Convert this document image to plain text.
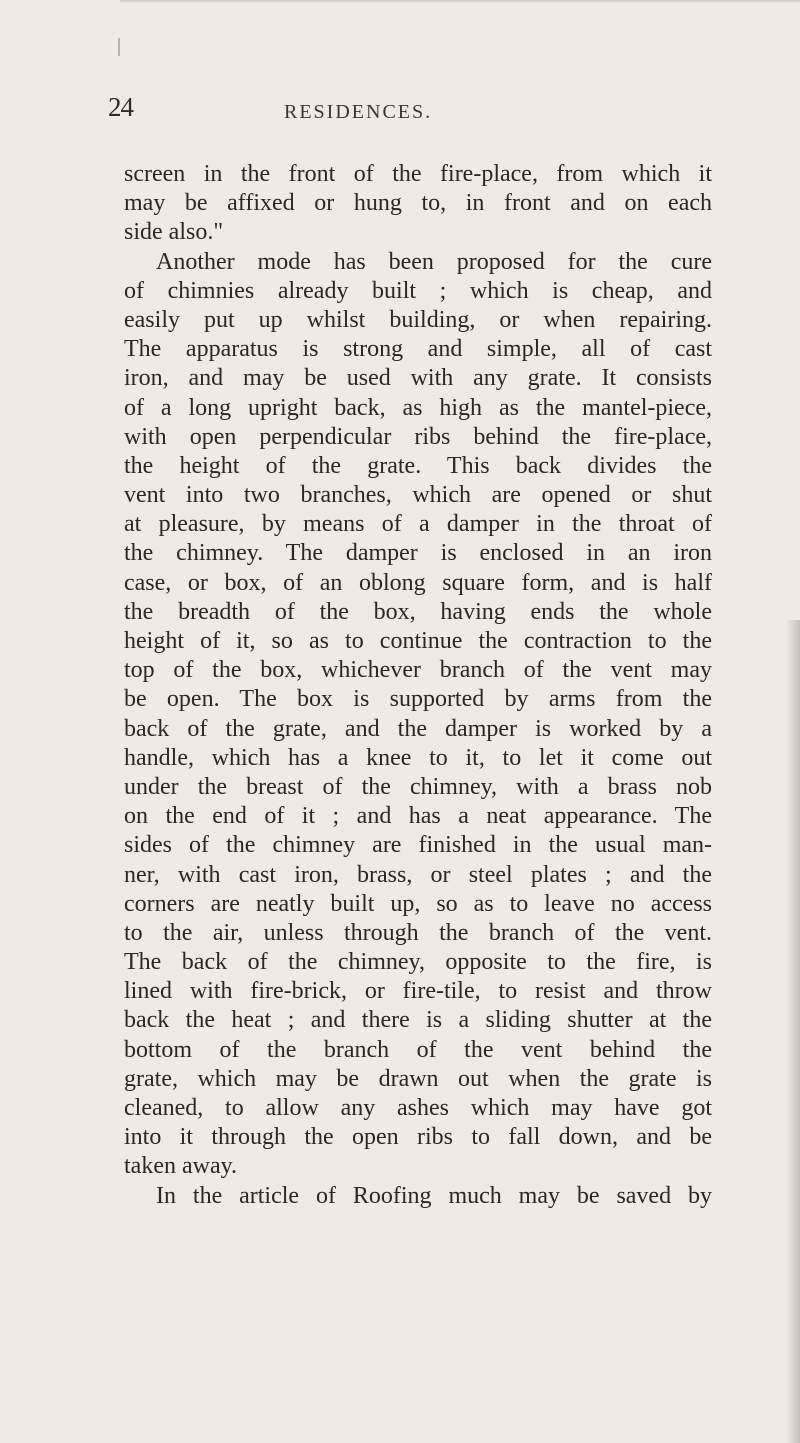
24	RESIDENCES.
screen in the front of the fire-place, from which it
may be affixed or hung to, in front and on each
side also."
Another mode has been proposed for the cure
of chimnies already built ; which is cheap, and
easily put up whilst building, or when repairing.
The apparatus is strong and simple, all of cast
iron, and may be used with any grate. It consists
of a long upright back, as high as the mantel-piece,
with open perpendicular ribs behind the fire-place,
the height of the grate. This back divides the
vent into two branches, which are opened or shut
at pleasure, by means of a damper in the throat of
the chimney. The damper is enclosed in an iron
case, or box, of an oblong square form, and is half
the breadth of the box, having ends the whole
height of it, so as to continue the contraction to the
top of the box, whichever branch of the vent may
be open. The box is supported by arms from the
back of the grate, and the damper is worked by a
handle, which has a knee to it, to let it come out
under the breast of the chimney, with a brass nob
on the end of it ; and has a neat appearance. The
sides of the chimney are finished in the usual man-
ner, with cast iron, brass, or steel plates ; and the
corners are neatly built up, so as to leave no access
to the air, unless through the branch of the vent.
The back of the chimney, opposite to the fire, is
lined with fire-brick, or fire-tile, to resist and throw
back the heat ; and there is a sliding shutter at the
bottom of the branch of the vent behind the
grate, which may be drawn out when the grate is
cleaned, to allow any ashes which may have got
into it through the open ribs to fall down, and be
taken away.
In the article of Roofing much may be saved by
